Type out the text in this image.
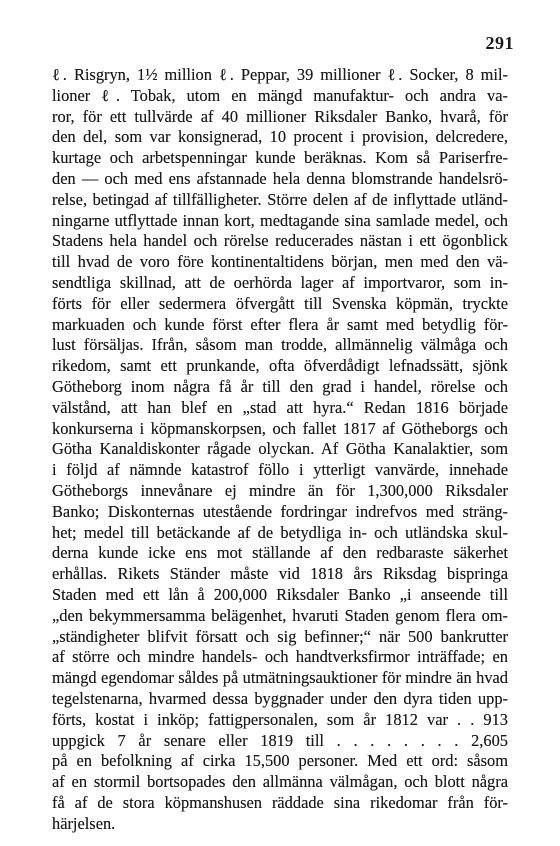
291
ℓ. Risgryn, 1½ million ℓ. Peppar, 39 millioner ℓ. Socker, 8 mil-
lioner ℓ. Tobak, utom en mängd manufaktur- och andra va-
ror, för ett tullvärde af 40 millioner Riksdaler Banko, hvarå, för
den del, som var konsignerad, 10 procent i provision, delcredere,
kurtage och arbetspenningar kunde beräknas. Kom så Pariserfre-
den — och med ens afstannade hela denna blomstrande handelsrö-
relse, betingad af tillfälligheter. Större delen af de inflyttade utländ-
ningarne utflyttade innan kort, medtagande sina samlade medel, och
Stadens hela handel och rörelse reducerades nästan i ett ögonblick
till hvad de voro före kontinentaltidens början, men med den vä-
sendtliga skillnad, att de oerhörda lager af importvaror, som in-
förts för eller sedermera öfvergått till Svenska köpmän, tryckte
markuaden och kunde först efter flera år samt med betydlig för-
lust försäljas. Ifrån, såsom man trodde, allmännelig välmåga och
rikedom, samt ett prunkande, ofta öfverdådigt lefnadssätt, sjönk
Götheborg inom några få år till den grad i handel, rörelse och
välstånd, att han blef en „stad att hyra.“ Redan 1816 började
konkurserna i köpmanskorpsen, och fallet 1817 af Götheborgs och
Götha Kanaldiskonter rågade olyckan. Af Götha Kanalaktier, som
i följd af nämnde katastrof föllo i ytterligt vanvärde, innehade
Götheborgs innevånare ej mindre än för 1,300,000 Riksdaler
Banko; Diskonternas utestående fordringar indrefvos med sträng-
het; medel till betäckande af de betydliga in- och utländska skul-
derna kunde icke ens mot ställande af den redbaraste säkerhet
erhållas. Rikets Ständer måste vid 1818 års Riksdag bispringa
Staden med ett lån å 200,000 Riksdaler Banko „i anseende till
„den bekymmersamma belägenhet, hvaruti Staden genom flera om-
„ständigheter blifvit försatt och sig befinner;“ när 500 bankrutter
af större och mindre handels- och handtverksfirmor inträffade; en
mängd egendomar såldes på utmätningsauktioner för mindre än hvad
tegelstenarna, hvarmed dessa byggnader under den dyra tiden upp-
förts, kostat i inköp; fattigpersonalen, som år 1812 var . . 913
uppgick 7 år senare eller 1819 till . . . . . . . . 2,605
på en befolkning af cirka 15,500 personer. Med ett ord: såsom
af en stormil bortsopades den allmänna välmågan, och blott några
få af de stora köpmanshusen räddade sina rikedomar från för-
härjelsen.
